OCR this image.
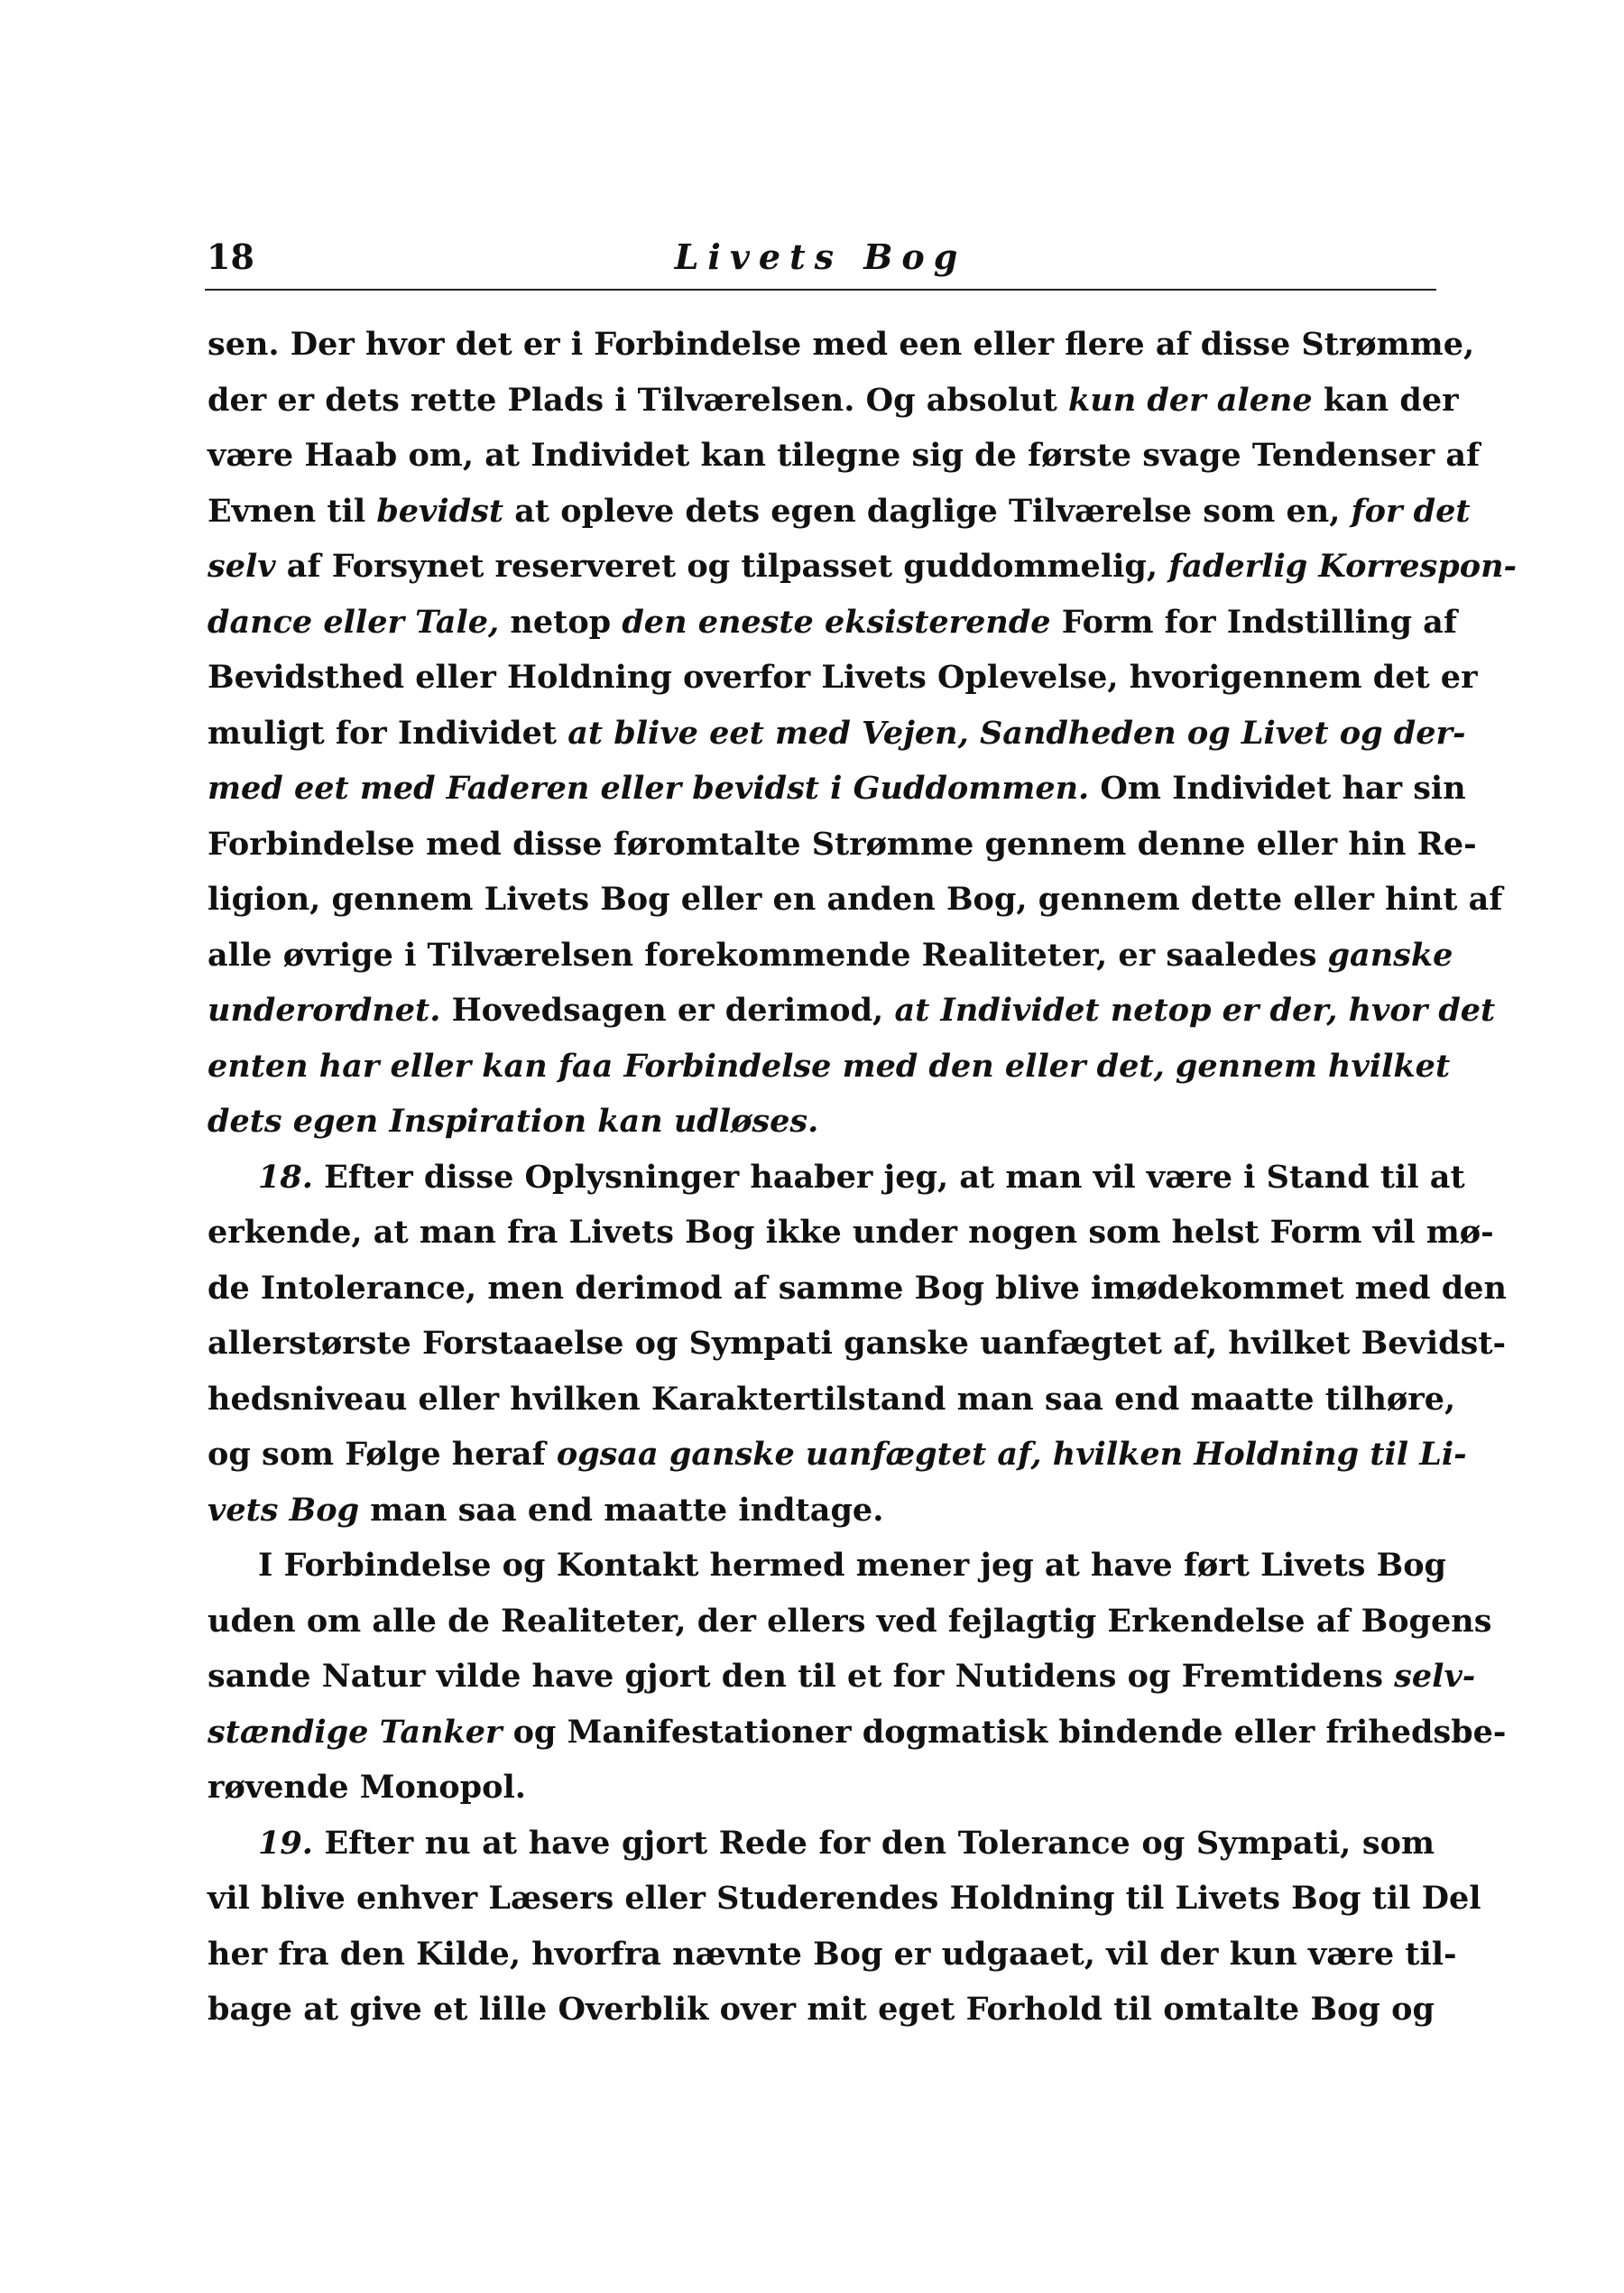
18	Livets Bog
sen. Der hvor det er i Forbindelse med een eller flere af disse Strømme,
der er dets rette Plads i Tilværelsen. Og absolut kun der alene kan der
være Haab om, at Individet kan tilegne sig de første svage Tendenser af
Evnen til bevidst at opleve dets egen daglige Tilværelse som en, for det
selv af Forsynet reserveret og tilpasset guddommelig, faderlig Korrespon-
dance eller Tale, netop den eneste eksisterende Form for Indstilling af
Bevidsthed eller Holdning overfor Livets Oplevelse, hvorigennem det er
muligt for Individet at blive eet med Vejen, Sandheden og Livet og der-
med eet med Faderen eller bevidst i Guddommen. Om Individet har sin
Forbindelse med disse føromtalte Strømme gennem denne eller hin Re-
ligion, gennem Livets Bog eller en anden Bog, gennem dette eller hint af
alle øvrige i Tilværelsen forekommende Realiteter, er saaledes ganske
underordnet. Hovedsagen er derimod, at Individet netop er der, hvor det
enten har eller kan faa Forbindelse med den eller det, gennem hvilket
dets egen Inspiration kan udløses.
18. Efter disse Oplysninger haaber jeg, at man vil være i Stand til at
erkende, at man fra Livets Bog ikke under nogen som helst Form vil mø-
de Intolerance, men derimod af samme Bog blive imødekommet med den
allerstørste Forstaaelse og Sympati ganske uanfægtet af, hvilket Bevidst-
hedsniveau eller hvilken Karaktertilstand man saa end maatte tilhøre,
og som Følge heraf ogsaa ganske uanfægtet af, hvilken Holdning til Li-
vets Bog man saa end maatte indtage.
I Forbindelse og Kontakt hermed mener jeg at have ført Livets Bog
uden om alle de Realiteter, der ellers ved fejlagtig Erkendelse af Bogens
sande Natur vilde have gjort den til et for Nutidens og Fremtidens selv-
stændige Tanker og Manifestationer dogmatisk bindende eller frihedsbe-
røvende Monopol.
19. Efter nu at have gjort Rede for den Tolerance og Sympati, som
vil blive enhver Læsers eller Studerendes Holdning til Livets Bog til Del
her fra den Kilde, hvorfra nævnte Bog er udgaaet, vil der kun være til-
bage at give et lille Overblik over mit eget Forhold til omtalte Bog og
